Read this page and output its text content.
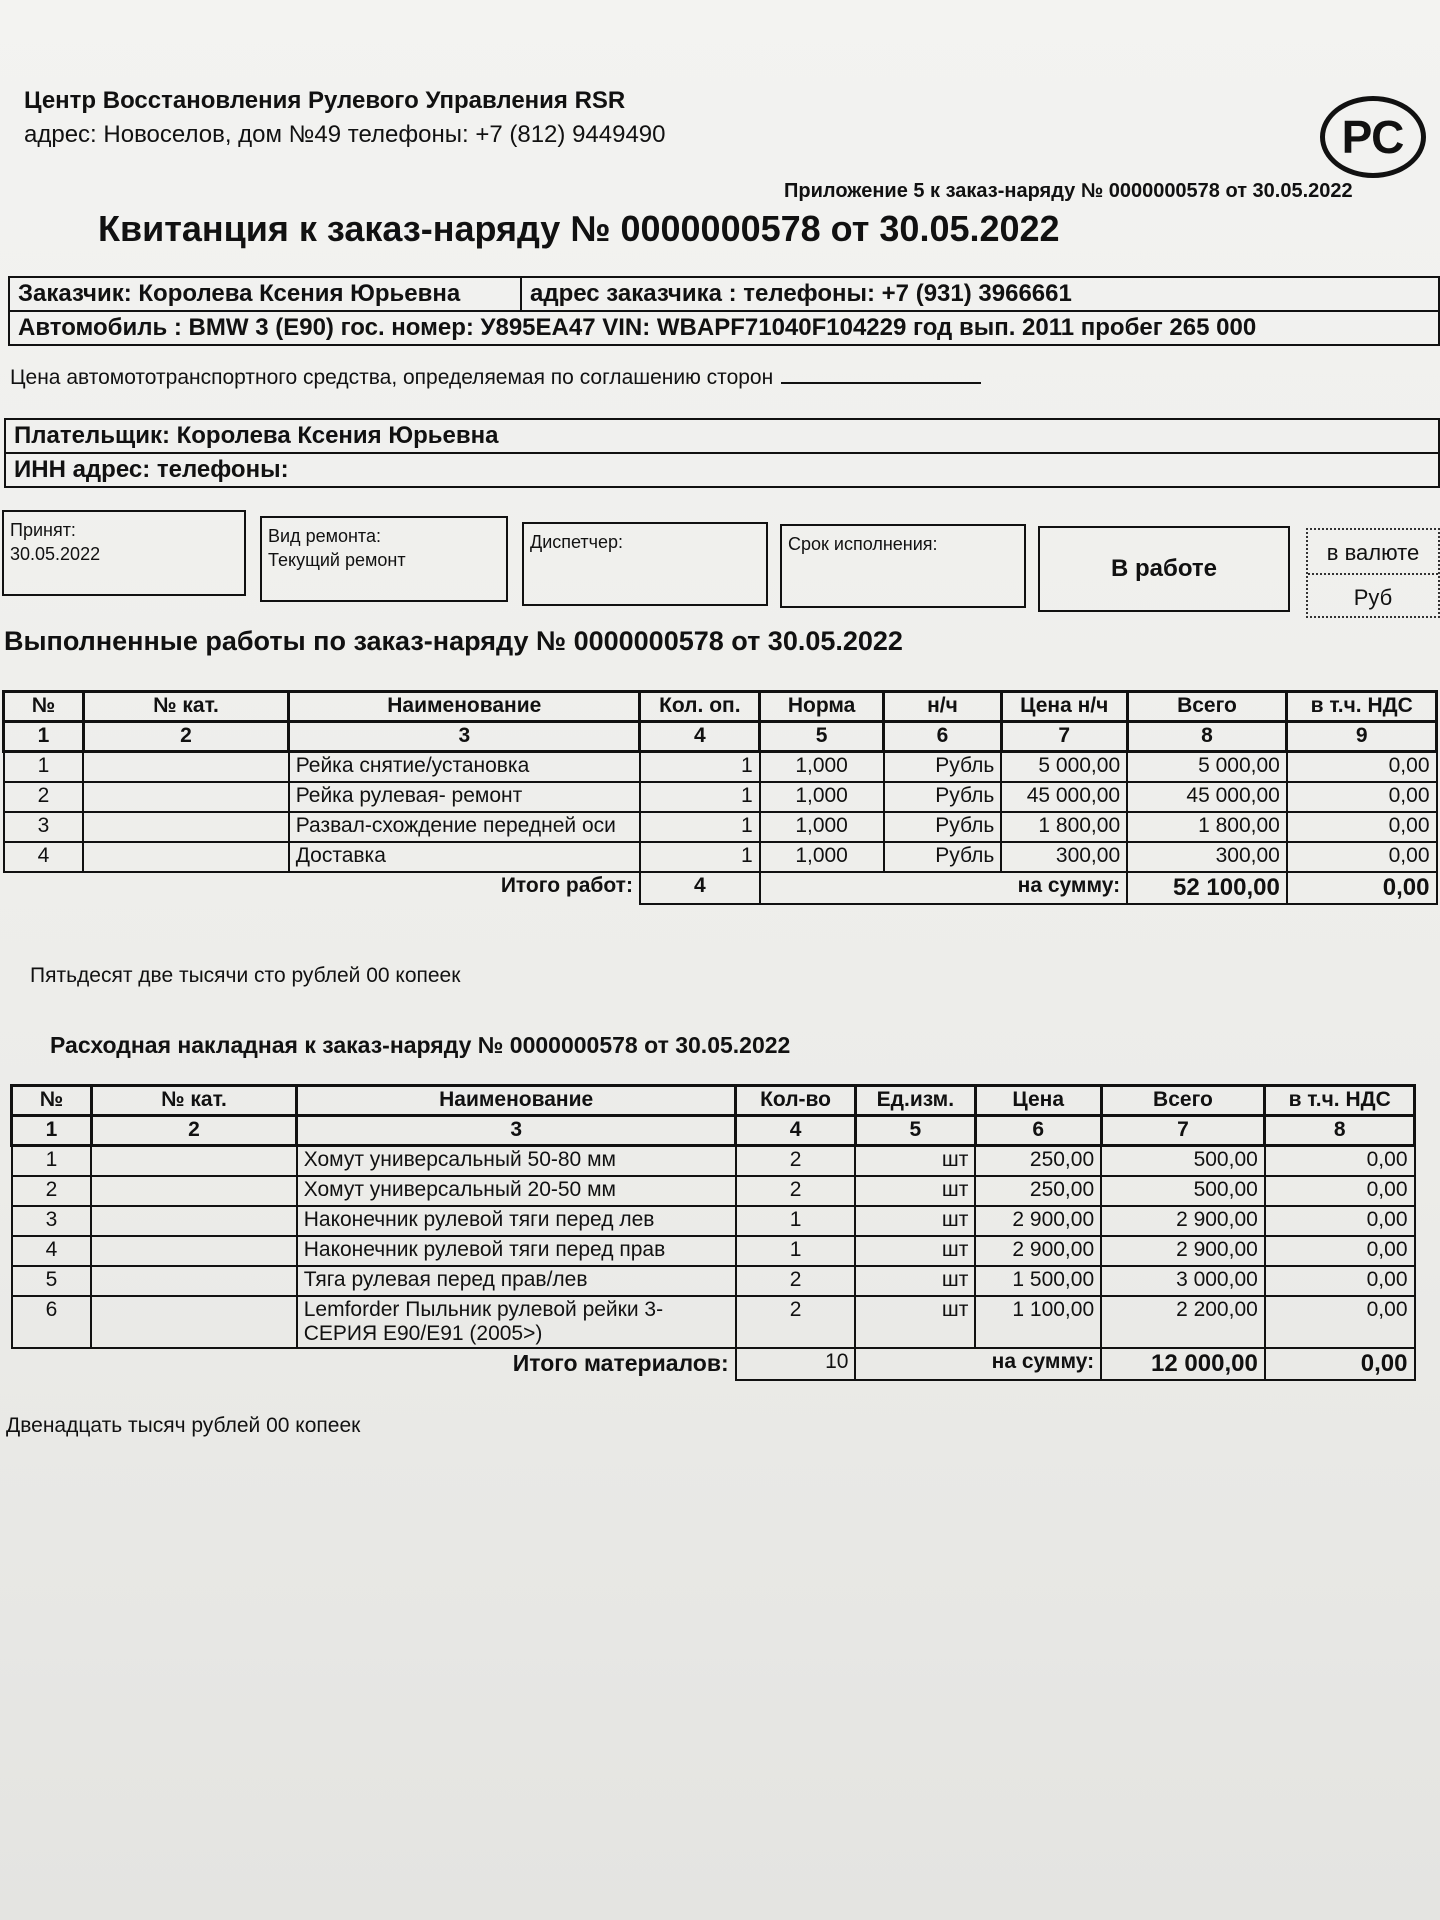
Центр Восстановления Рулевого Управления RSR
адрес: Новоселов, дом №49 телефоны: +7 (812) 9449490	РС
Приложение 5 к заказ-наряду № 0000000578 от 30.05.2022
Квитанция к заказ-наряду № 0000000578 от 30.05.2022
Заказчик: Королева Ксения Юрьевна	адрес заказчика : телефоны: +7 (931) 3966661
Автомобиль : BMW 3 (E90) гос. номер: У895ЕА47 VIN: WBAPF71040F104229 год вып. 2011 пробег 265 000
Цена автомототранспортного средства, определяемая по соглашению сторон
Плательщик: Королева Ксения Юрьевна
ИНН адрес: телефоны:
Принят:
30.05.2022
Вид ремонта:
Текущий ремонт
Диспетчер:	Срок исполнения:
В работе
в валюте
Руб
Выполненные работы по заказ-наряду № 0000000578 от 30.05.2022
№	№ кат.	Наименование	Кол. оп.	Норма	н/ч	Цена н/ч	Всего	в т.ч. НДС
1	2	3	4	5	6	7	8	9
1		Рейка снятие/установка	1	1,000	Рубль	5 000,00	5 000,00	0,00
2		Рейка рулевая- ремонт	1	1,000	Рубль	45 000,00	45 000,00	0,00
3		Развал-схождение передней оси	1	1,000	Рубль	1 800,00	1 800,00	0,00
4		Доставка	1	1,000	Рубль	300,00	300,00	0,00
Итого работ:			4	на сумму:			52 100,00	0,00
Пятьдесят две тысячи сто рублей 00 копеек
Расходная накладная к заказ-наряду № 0000000578 от 30.05.2022
№	№ кат.	Наименование	Кол-во	Ед.изм.	Цена	Всего	в т.ч. НДС
1	2	3	4	5	6	7	8
1		Хомут универсальный 50-80 мм	2	шт	250,00	500,00	0,00
2		Хомут универсальный 20-50 мм	2	шт	250,00	500,00	0,00
3		Наконечник рулевой тяги перед лев	1	шт	2 900,00	2 900,00	0,00
4		Наконечник рулевой тяги перед прав	1	шт	2 900,00	2 900,00	0,00
5		Тяга рулевая перед прав/лев	2	шт	1 500,00	3 000,00	0,00
6		Lemforder Пыльник рулевой рейки 3-СЕРИЯ E90/E91 (2005>)	2	шт	1 100,00	2 200,00	0,00
Итого материалов:			10	на сумму:		12 000,00	0,00
Двенадцать тысяч рублей 00 копеек
